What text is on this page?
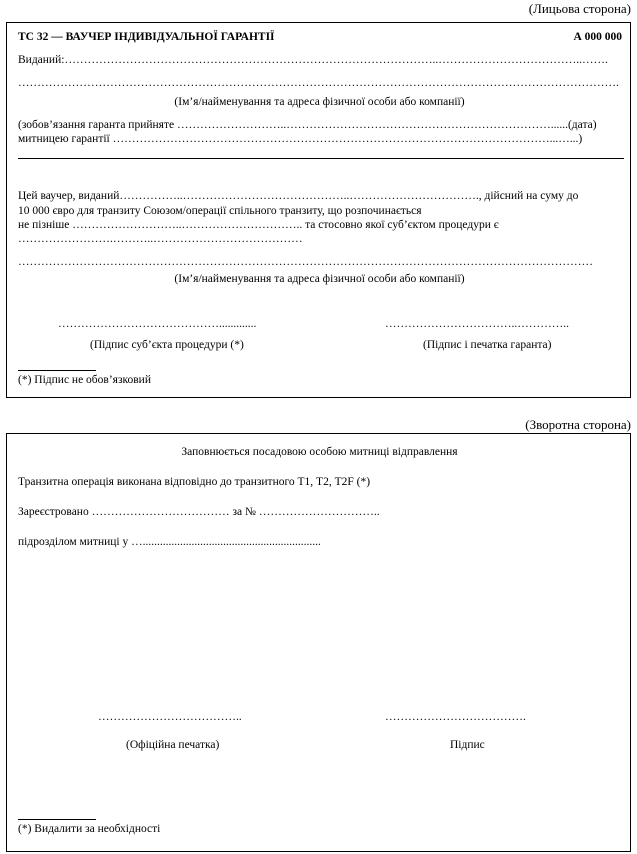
(Лицьова сторона)
ТС 32 — ВАУЧЕР ІНДИВІДУАЛЬНОЇ ГАРАНТІЇ	А 000 000
Виданий:……………………………………………………………………………………..………………………………..…….
………………………………………………………………………………………………………………………………………….
(Ім’я/найменування та адреса фізичної особи або компанії)
(зобов’язання гаранта прийняте ………………………..……………………………………………………………......(дата)
митницею гарантії ……………………………………………………………………………………………………...…...)
Цей ваучер, виданий……………..……………………………………..……………………………., дійсний на суму до
10 000 євро для транзиту Союзом/операції спільного транзиту, що розпочинається
не пізніше ………………………..………………………….. та стосовно якої суб’єктом процедури є
…………………….………..…………………………………
……………………………………………………………………………………………………………………………………
(Ім’я/найменування та адреса фізичної особи або компанії)
…………………………………….............	……………………………..…………..
(Підпис суб’єкта процедури (*)	(Підпис і печатка гаранта)
(*) Підпис не обов’язковий
(Зворотна сторона)
Заповнюється посадовою особою митниці відправлення
Транзитна операція виконана відповідно до транзитного Т1, Т2, Т2F (*)
Зареєстровано ……………………………… за № …………………………..
підрозділом митниці у …..............................................................
………………………………..	……………………………….
(Офіційна печатка)	Підпис
(*) Видалити за необхідності
